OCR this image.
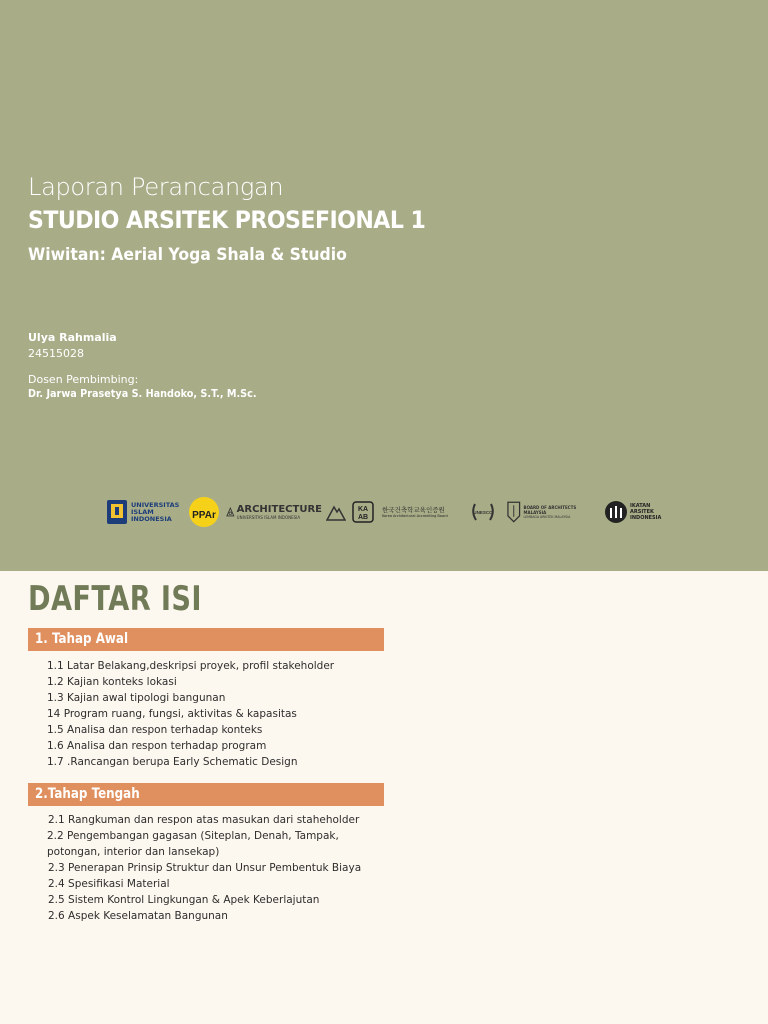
Laporan Perancangan
STUDIO ARSITEK PROSEFIONAL 1
Wiwitan: Aerial Yoga Shala & Studio
Ulya Rahmalia
24515028
Dosen Pembimbing:
Dr. Jarwa Prasetya S. Handoko, S.T., M.Sc.
UNIVERSITAS ISLAM INDONESIA	PPAr
ARCHITECTURE
UNIVERSITAS ISLAM INDONESIA
KA
AB
한국건축학교육인증원
Korea Architectural Accrediting Board
UNESCO
BOARD OF ARCHITECTS MALAYSIA
LEMBAGA ARKITEK MALAYSIA
IKATAN ARSITEK INDONESIA
DAFTAR ISI
1. Tahap Awal
1.1 Latar Belakang,deskripsi proyek, profil stakeholder
1.2 Kajian konteks lokasi
1.3 Kajian awal tipologi bangunan
14 Program ruang, fungsi, aktivitas & kapasitas
1.5 Analisa dan respon terhadap konteks
1.6 Analisa dan respon terhadap program
1.7 .Rancangan berupa Early Schematic Design
2.Tahap Tengah
2.1 Rangkuman dan respon atas masukan dari staheholder
2.2 Pengembangan gagasan (Siteplan, Denah, Tampak, potongan, interior dan lansekap)
2.3 Penerapan Prinsip Struktur dan Unsur Pembentuk Biaya
2.4 Spesifikasi Material
2.5 Sistem Kontrol Lingkungan & Apek Keberlajutan
2.6 Aspek Keselamatan Bangunan
